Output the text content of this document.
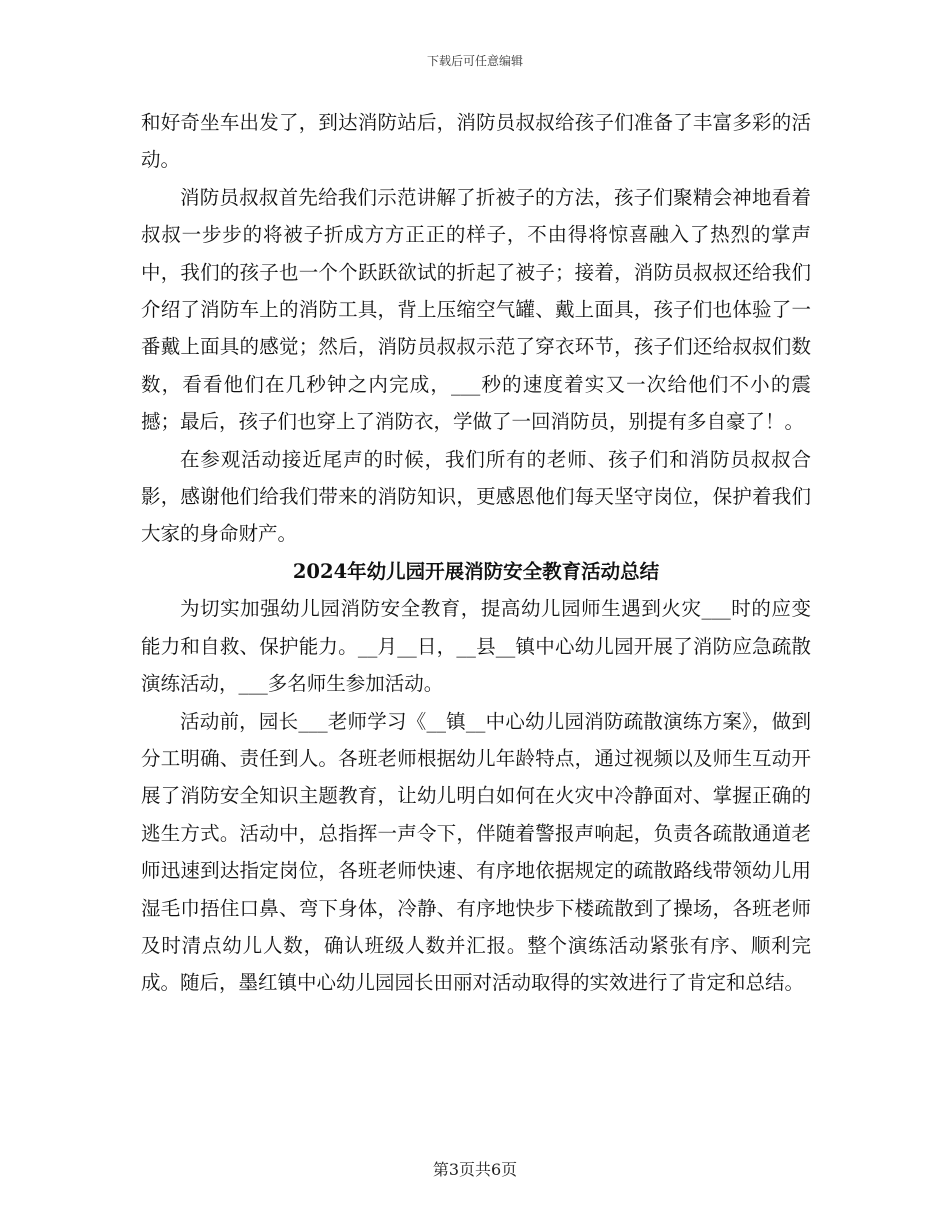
下载后可任意编辑

和好奇坐车出发了，到达消防站后，消防员叔叔给孩子们准备了丰富多彩的活动。

消防员叔叔首先给我们示范讲解了折被子的方法，孩子们聚精会神地看着叔叔一步步的将被子折成方方正正的样子，不由得将惊喜融入了热烈的掌声中，我们的孩子也一个个跃跃欲试的折起了被子；接着，消防员叔叔还给我们介绍了消防车上的消防工具，背上压缩空气罐、戴上面具，孩子们也体验了一番戴上面具的感觉；然后，消防员叔叔示范了穿衣环节，孩子们还给叔叔们数数，看看他们在几秒钟之内完成，___秒的速度着实又一次给他们不小的震撼；最后，孩子们也穿上了消防衣，学做了一回消防员，别提有多自豪了！。

在参观活动接近尾声的时候，我们所有的老师、孩子们和消防员叔叔合影，感谢他们给我们带来的消防知识，更感恩他们每天坚守岗位，保护着我们大家的身命财产。

2024年幼儿园开展消防安全教育活动总结

为切实加强幼儿园消防安全教育，提高幼儿园师生遇到火灾___时的应变能力和自救、保护能力。__月__日，__县__镇中心幼儿园开展了消防应急疏散演练活动，___多名师生参加活动。

活动前，园长___老师学习《__镇__中心幼儿园消防疏散演练方案》，做到分工明确、责任到人。各班老师根据幼儿年龄特点，通过视频以及师生互动开展了消防安全知识主题教育，让幼儿明白如何在火灾中冷静面对、掌握正确的逃生方式。活动中，总指挥一声令下，伴随着警报声响起，负责各疏散通道老师迅速到达指定岗位，各班老师快速、有序地依据规定的疏散路线带领幼儿用湿毛巾捂住口鼻、弯下身体，冷静、有序地快步下楼疏散到了操场，各班老师及时清点幼儿人数，确认班级人数并汇报。整个演练活动紧张有序、顺利完成。随后，墨红镇中心幼儿园园长田丽对活动取得的实效进行了肯定和总结。

第3页共6页
